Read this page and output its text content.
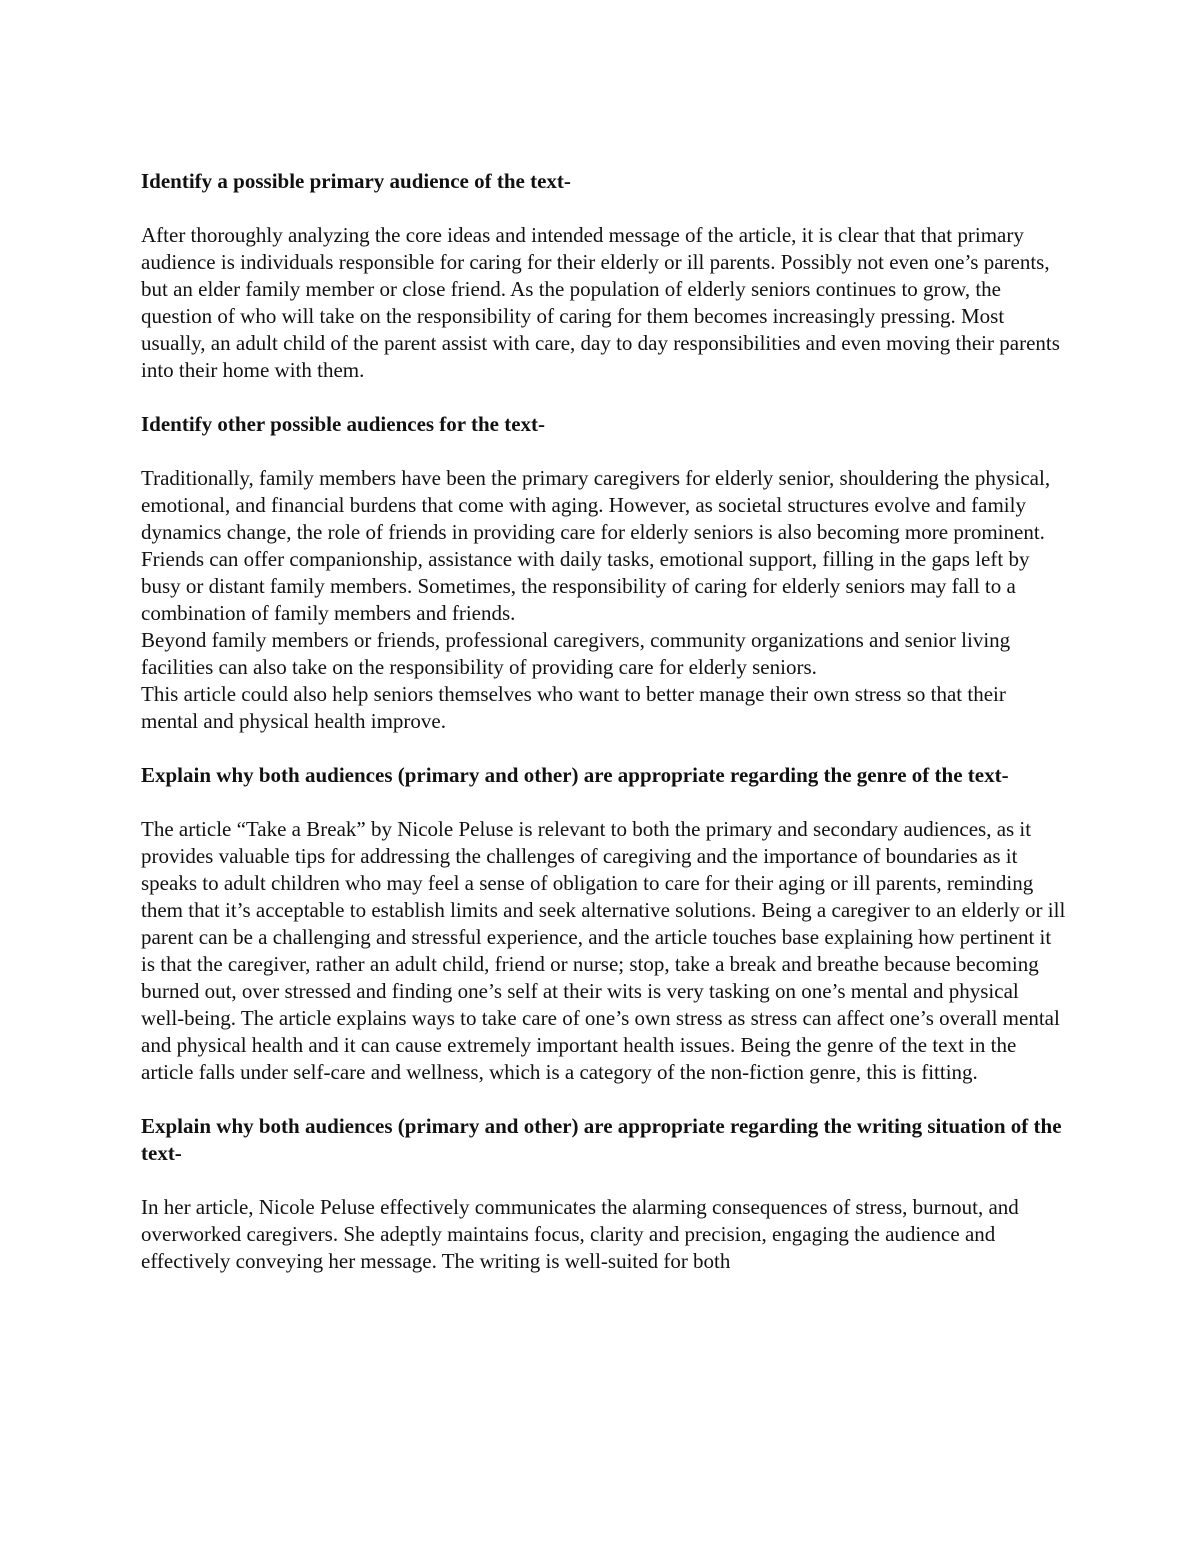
Identify a possible primary audience of the text-

After thoroughly analyzing the core ideas and intended message of the article, it is clear that that primary audience is individuals responsible for caring for their elderly or ill parents. Possibly not even one’s parents, but an elder family member or close friend. As the population of elderly seniors continues to grow, the question of who will take on the responsibility of caring for them becomes increasingly pressing. Most usually, an adult child of the parent assist with care, day to day responsibilities and even moving their parents into their home with them.

Identify other possible audiences for the text-

Traditionally, family members have been the primary caregivers for elderly senior, shouldering the physical, emotional, and financial burdens that come with aging. However, as societal structures evolve and family dynamics change, the role of friends in providing care for elderly seniors is also becoming more prominent. Friends can offer companionship, assistance with daily tasks, emotional support, filling in the gaps left by busy or distant family members. Sometimes, the responsibility of caring for elderly seniors may fall to a combination of family members and friends.

Beyond family members or friends, professional caregivers, community organizations and senior living facilities can also take on the responsibility of providing care for elderly seniors.

This article could also help seniors themselves who want to better manage their own stress so that their mental and physical health improve.

Explain why both audiences (primary and other) are appropriate regarding the genre of the text-

The article “Take a Break” by Nicole Peluse is relevant to both the primary and secondary audiences, as it provides valuable tips for addressing the challenges of caregiving and the importance of boundaries as it speaks to adult children who may feel a sense of obligation to care for their aging or ill parents, reminding them that it’s acceptable to establish limits and seek alternative solutions. Being a caregiver to an elderly or ill parent can be a challenging and stressful experience, and the article touches base explaining how pertinent it is that the caregiver, rather an adult child, friend or nurse; stop, take a break and breathe because becoming burned out, over stressed and finding one’s self at their wits is very tasking on one’s mental and physical well-being. The article explains ways to take care of one’s own stress as stress can affect one’s overall mental and physical health and it can cause extremely important health issues. Being the genre of the text in the article falls under self-care and wellness, which is a category of the non-fiction genre, this is fitting.

Explain why both audiences (primary and other) are appropriate regarding the writing situation of the text-

In her article, Nicole Peluse effectively communicates the alarming consequences of stress, burnout, and overworked caregivers. She adeptly maintains focus, clarity and precision, engaging the audience and effectively conveying her message. The writing is well-suited for both
